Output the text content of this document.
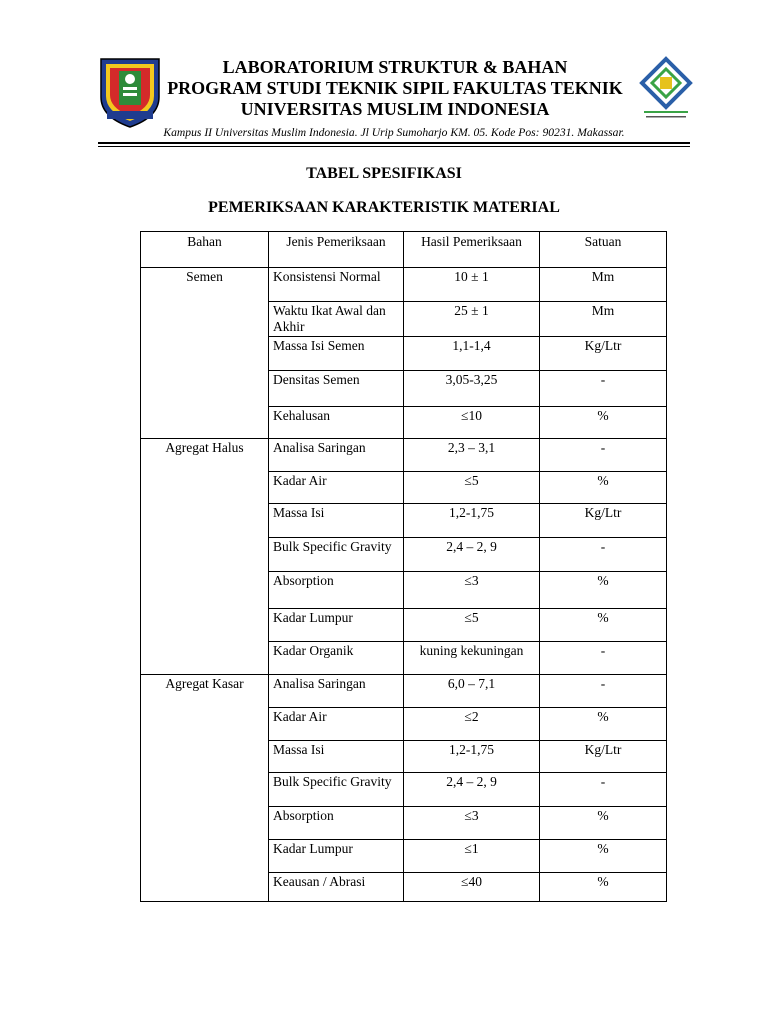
LABORATORIUM STRUKTUR & BAHAN
PROGRAM STUDI TEKNIK SIPIL FAKULTAS TEKNIK
UNIVERSITAS MUSLIM INDONESIA
Kampus II Universitas Muslim Indonesia. Jl Urip Sumoharjo KM. 05. Kode Pos: 90231. Makassar.
TABEL SPESIFIKASI
PEMERIKSAAN KARAKTERISTIK MATERIAL
Bahan	Jenis Pemeriksaan	Hasil Pemeriksaan	Satuan
Semen	Konsistensi Normal	10 ± 1	Mm
	Waktu Ikat Awal dan Akhir	25 ± 1	Mm
	Massa Isi Semen	1,1-1,4	Kg/Ltr
	Densitas Semen	3,05-3,25	-
	Kehalusan	≤10	%
Agregat Halus	Analisa Saringan	2,3 – 3,1	-
	Kadar Air	≤5	%
	Massa Isi	1,2-1,75	Kg/Ltr
	Bulk Specific Gravity	2,4 – 2, 9	-
	Absorption	≤3	%
	Kadar Lumpur	≤5	%
	Kadar Organik	kuning kekuningan	-
Agregat Kasar	Analisa Saringan	6,0 – 7,1	-
	Kadar Air	≤2	%
	Massa Isi	1,2-1,75	Kg/Ltr
	Bulk Specific Gravity	2,4 – 2, 9	-
	Absorption	≤3	%
	Kadar Lumpur	≤1	%
	Keausan / Abrasi	≤40	%
